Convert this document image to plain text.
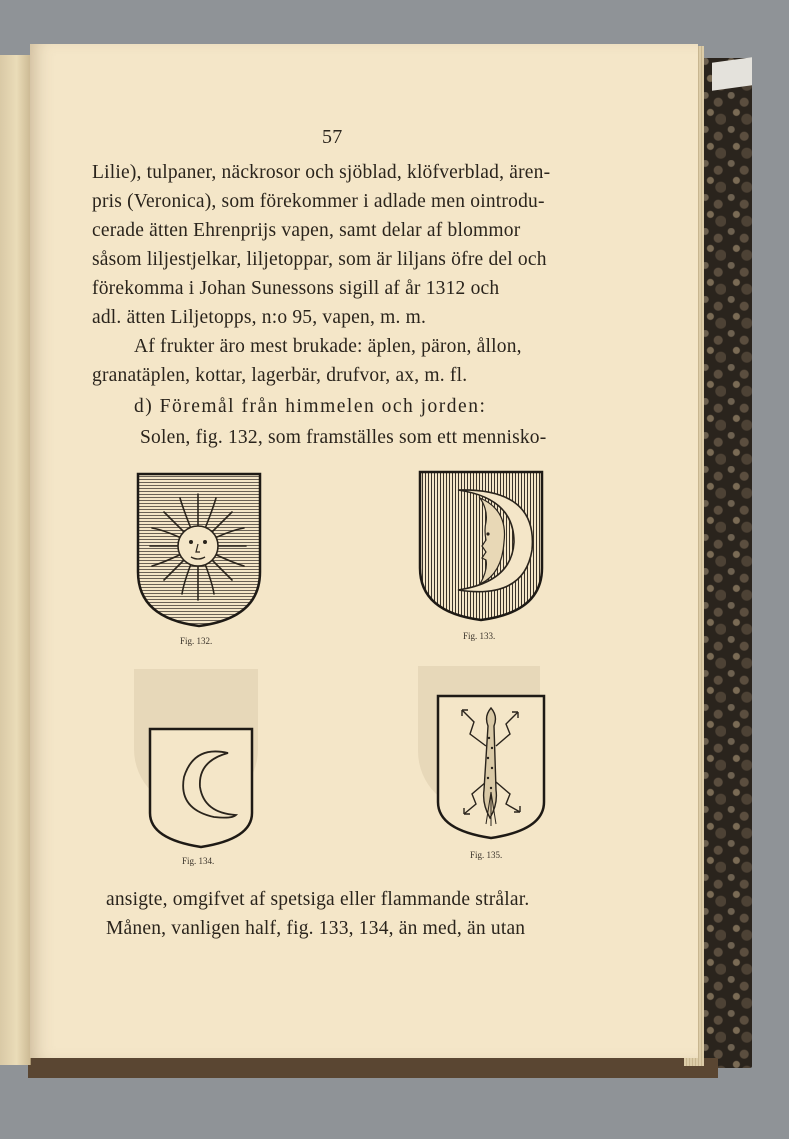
57
Lilie), tulpaner, näckrosor och sjöblad, klöfverblad, ären-
pris (Veronica), som förekommer i adlade men ointrodu-
cerade ätten Ehrenprijs vapen, samt delar af blommor
såsom liljestjelkar, liljetoppar, som är liljans öfre del och
förekomma i Johan Sunessons sigill af år 1312 och
adl. ätten Liljetopps, n:o 95, vapen, m. m.
Af frukter äro mest brukade: äplen, päron, ållon,
granatäplen, kottar, lagerbär, drufvor, ax, m. fl.
d) Föremål från himmelen och jorden:
Solen, fig. 132, som framställes som ett mennisko-
Fig. 132.	Fig. 133.
Fig. 134.
Fig. 135.
ansigte, omgifvet af spetsiga eller flammande strålar.
Månen, vanligen half, fig. 133, 134, än med, än utan
